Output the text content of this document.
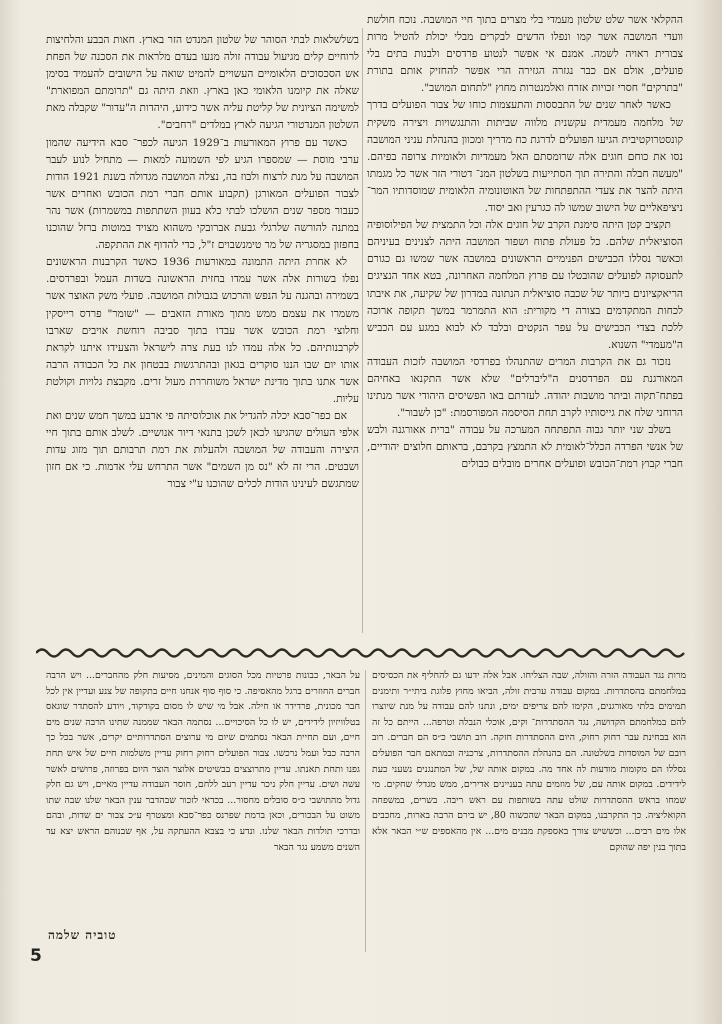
ההקלאי אשר שלט שלטון מעמדי בלי מצרים בתוך חיי המושבה. נוכח חולשת וועדי המושבה אשר קמו ונפלו הדשים לבקרים מבלי יכולת להטיל מרות צבורית ראויה לשמה. אמנם אי אפשר לנטוע פרדסים ולבנות בתים בלי פועלים, אולם אם כבר נגזרה הגזירה הרי אפשר להחזיק אותם בתורת "בתרקים" חסרי זכויות אזרח ואלמנטרות מחוץ "לתחום המושב".

כאשר לאחר שנים של התבססות והתעצמות כוחו של צבור הפועלים בדרך של מלחמה מעמדית עקשנית מלווה שביתות והתנגשויות ויצירה משקית קונסטרוקטיבית הגיעו הפועלים לדרגת כח מדריך ומכוון בהנהלת עניני המושבה נסו את כוחם חוגים אלה שרומסתם האל מעמדיות ולאומיות צרופה בפיהם. "מעשה חבלה והתירה תוך הסתייעות בשלטון המנ־ דטורי הזר אשר כל מגמתו היתה להצר את צעדי ההתפתחות של האוטונומיה הלאומית שמוסדותיו המר־ ניציפאליים של הישוב שמשו לה כגרעין ואב יסוד.

תקציב קטן היתה סימנת הקרב של חוגים אלה וכל התמצית של הפילוסופיה הסוציאלית שלהם. כל פעולת פתוח ושפור המושבה היתה לצנינים בעיניהם וכאשר נסללו הכבישים הפנימיים הראשונים במושבה אשר שמשו גם כגורם לתעסוקה לפועלים שהובטלו עם פרוץ המלחמה האחרונה, בטא אחד הנציגים הריאקציונים ביותר של שכבה סוציאלית הנתונה במדרון של שקיעה, את איבתו לכחות המתקדמים בצורה די מקורית: הוא התמרמר במשך תקופה ארוכה ללכת בצדי הכבישים על עפר הנקטים ובלבד לא לבוא במגע עם הכביש ה"מעמדי" השנוא.

נזכור גם את הקרבות המרים שהתנהלו בפרדסי המושבה לזכות העבודה המאורגנת עם הפרדסנים ה"ליברלים" שלא אשר התקנאו באחיהם בפתח־תקוה וביתר מושבות יהודה. לעזרתם באו הפשיסים היהודי אשר מנתינו הרוחני שלח את גייסותיו לקרב תחת הסיסמה המפורסמת: "כן לשבור".

בשלב שני יותר גבוה התפתחה המערכה על עבודה "ברית אאורגנה ולבש של אנשי הפרדה הכלל־לאומית לא התמצץ בקרבם, בראותם חלוצים יהודיים, חברי קבוץ רמת־הכובש ופועלים אחרים מובלים כבולים

בשלשלאות לבתי הסוהר של שלטון המנדט הזר בארץ. חאות הבבע והלחיצות לרוחיים קלים מגיעול עבודה זולה מנעו בעדם מלראות את הסכנה של הפחת אש הסכסוכים הלאומיים העשויים להמיט שואה על הישובים להעמיד בסימן שאלה את קיומנו הלאומי כאן בארץ. וזאת היתה גם "תרומתם המפוארת" למשימה הציונית של קליטת עליה אשר כידוע, היהדות ה"עדור" שקבלה מאת השלטון המנדטורי הגיעה לארץ במלדים "רחבים".

כאשר עם פרוץ המאורעות ב־1929 הגיעה לכפר־ סבא הידיעה שהמון ערבי מוסת — שמספרו הגיע לפי השמועה למאות — מתחיל לנוע לעבר המושבה על מנת לרצוח ולבוז בה, נצלה המושבה מגדולה בשנת 1921 הודות לצבור הפועלים המאורגן (תקבוע אותם חברי רמת הכובש ואחרים אשר כעבור מספר שנים הושלכו לבתי כלא בעוון השתתפות במשמרות) אשר נהר במתנה להורשה שלרגלי גבעת אברובקי משהוא מצויד במוטות ברזל שהוכנו בחפזון במסגריה של מר טימנשבוים ז"ל, כדי להדוף את ההתקפה.

לא אחרת היתה התמונה במאורעות 1936 כאשר הקרבנות הראשונים נפלו בשורות אלה אשר עמדו בחזית הראשונה בשדות העמל ובפרדסים. בשמירה ובהגנה על הנפש והרכוש בגבולות המושבה. פועלי משק האוצר אשר משמרו את עצמם ממש מתוך מאורת הזאבים — "שומר" פרדס רייסקין וחלוצי רמת הכובש אשר עבדו בתוך סביבה רוחשת אויבים שארבו לקרבנותיהם. כל אלה עמדו לנו בעת צרה לישראל והצעידו איתנו לקראת אותו יום שבו הננו סוקרים בגאון ובהתרגשות בבטחון את כל הכבודה הרבה אשר אתנו בתוך מדינת ישראל משוחררת מעול זרים. מקבצת גלויות וקולטת עליות.

אם כפר־סבא יכלה להגדיל את אוכלוסיתה פי ארבע במשך חמש שנים ואת אלפי העולים שהגיעו לכאן לשכן בתנאי דיור אנושיים. לשלב אותם בתוך חיי היצירה והעבודה של המושבה ולהעלות את רמת תרבותם תוך מזוג עדות ושבטים. הרי זה לא "נס מן השמים" אשר התרחש עלי אדמות. כי אם חזון שמתגשם לעינינו הודות לכלים שהוכנו ע"י צבור

מרות נגד העבודה הזרה והזולה, שבה הצליחו. אבל אלה ידעו גם להחליף את הכסיסים במלחמתם בהסתדרות. במקום עבודה ערבית זולה, הביאו מחוץ פלוגת ביתי״ר ותימנים תמימים בלתי מאורגנים, הקימו להם צריפים ימים, ונתנו להם עבודה על מנת שיוצרו להם במלחמתם הקדושה, נגד ההסתדרות־ וקים, אוכלי הנבלה וטרפה... הייתם כל זה הוא בבחינת עבר רחוק רחוק, היום ההסתדרות חזקה. רוב תושבי כ״ס הם חברים. רוב רובם של המוסדות בשלטונה. הם בהנהלת ההסתדרות, צרכניה ובמתאם חבר הפועלים נסללו הם מקומות מודעות לה אחד מה. במקום אותה של, של המתנגנים נשעני כעת לידידים. במקום אותה עם, של מוזמים עתה בעניינים אדירים, ממש מגדלי שחקים. מי שמחו בראש ההסתדרות שולט עתה בשותפות עם ראש ריבה. בשרים, במשפחה הקואליציה. כך התקרבנו, במקום הבאר שהכשוה 80, יש בירם הרבה בארות, מחכבים אלו מים רבים... וכששיש צורך באספקת מבנים מים... אין מהאספים ש״י הבאר אלא בתוך בנין יפה שהוקם

על הבאר, כבונות פרטיות מכל הסוגים והמינים, מסיעות חלק מהחברים... ויש הרבה חברים החוזרים ברגל מהאסיפה. כי סוף סוף אנחנו חיים בתקופה של צנע ועדיין אין לכל חבר מכונית, פרדידר או חילה. אבל מי שיש לו מסום בקודקוד, ויודע להסתדר שוגאס בטלוויזיון לידידים, יש לו כל הסיכויים... נסתמה הבאר שממנה שתינו הרבה שנים מים חיים, ועם תחיית הבאר נסתמים שיום מי ערוצים הסתדרותיים יקרים, אשר בכל כך הרבה כבל ועמל נרכשו. צבור הפועלים רחוק רחוק עדיין משלמות חיים של איש תחת גפנו ותחת תאנתו. עדיין מתרוצצים בבשיטים אלוצר הוצר היום בפרוזה, פרושים לאשר עשה ושים. עדיין חלק ניכר עדיין רעב ללחם, חוסר העבודה עדיין מאיים, ויש גם חלק גדול מהתושבי כ״ס סובלים מחסור... בכדאי לזכור שבהדבר ענין הבאר שלנו שבה שתו משוט על הבכורים, וכאן ברמת שפרנס כפר־סבא ומצטרף ע״כ צבור ים שדות, ובהם ובדרכי תולדות הבאר שלנו. ונדע כי בצבא ההעתקה על, אף שבנוהם הראש יצא עד השנים משמע נגד הבאר

טוביה שלמה
5
